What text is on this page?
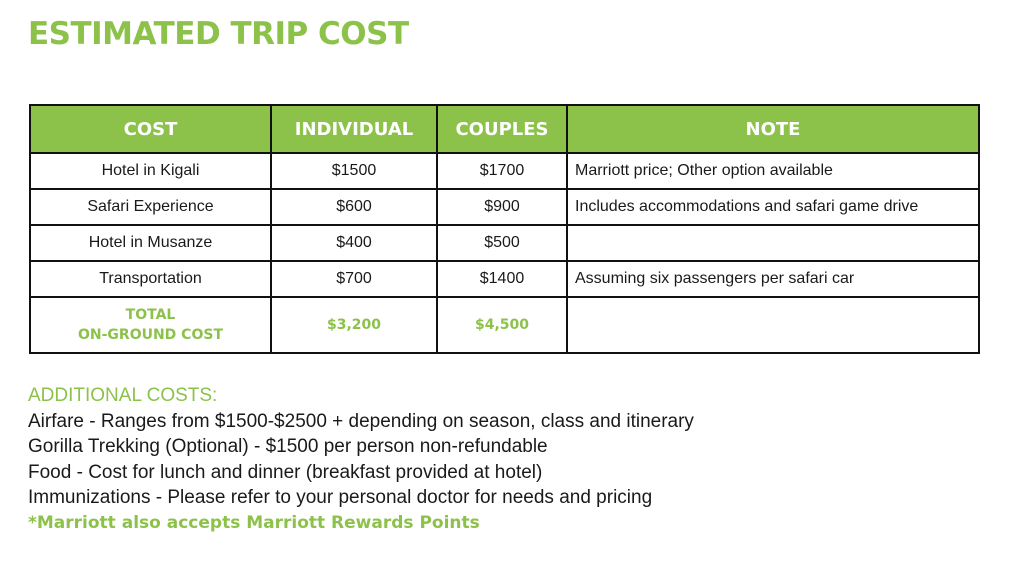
ESTIMATED TRIP COST
COST	INDIVIDUAL	COUPLES	NOTE
Hotel in Kigali	$1500	$1700	Marriott price; Other option available
Safari Experience	$600	$900	Includes accommodations and safari game drive
Hotel in Musanze	$400	$500	
Transportation	$700	$1400	Assuming six passengers per safari car

TOTAL
ON-GROUND COST	$3,200	$4,500	
ADDITIONAL COSTS:
Airfare - Ranges from $1500-$2500 + depending on season, class and itinerary
Gorilla Trekking (Optional) - $1500 per person non-refundable
Food - Cost for lunch and dinner (breakfast provided at hotel)
Immunizations - Please refer to your personal doctor for needs and pricing
*Marriott also accepts Marriott Rewards Points
